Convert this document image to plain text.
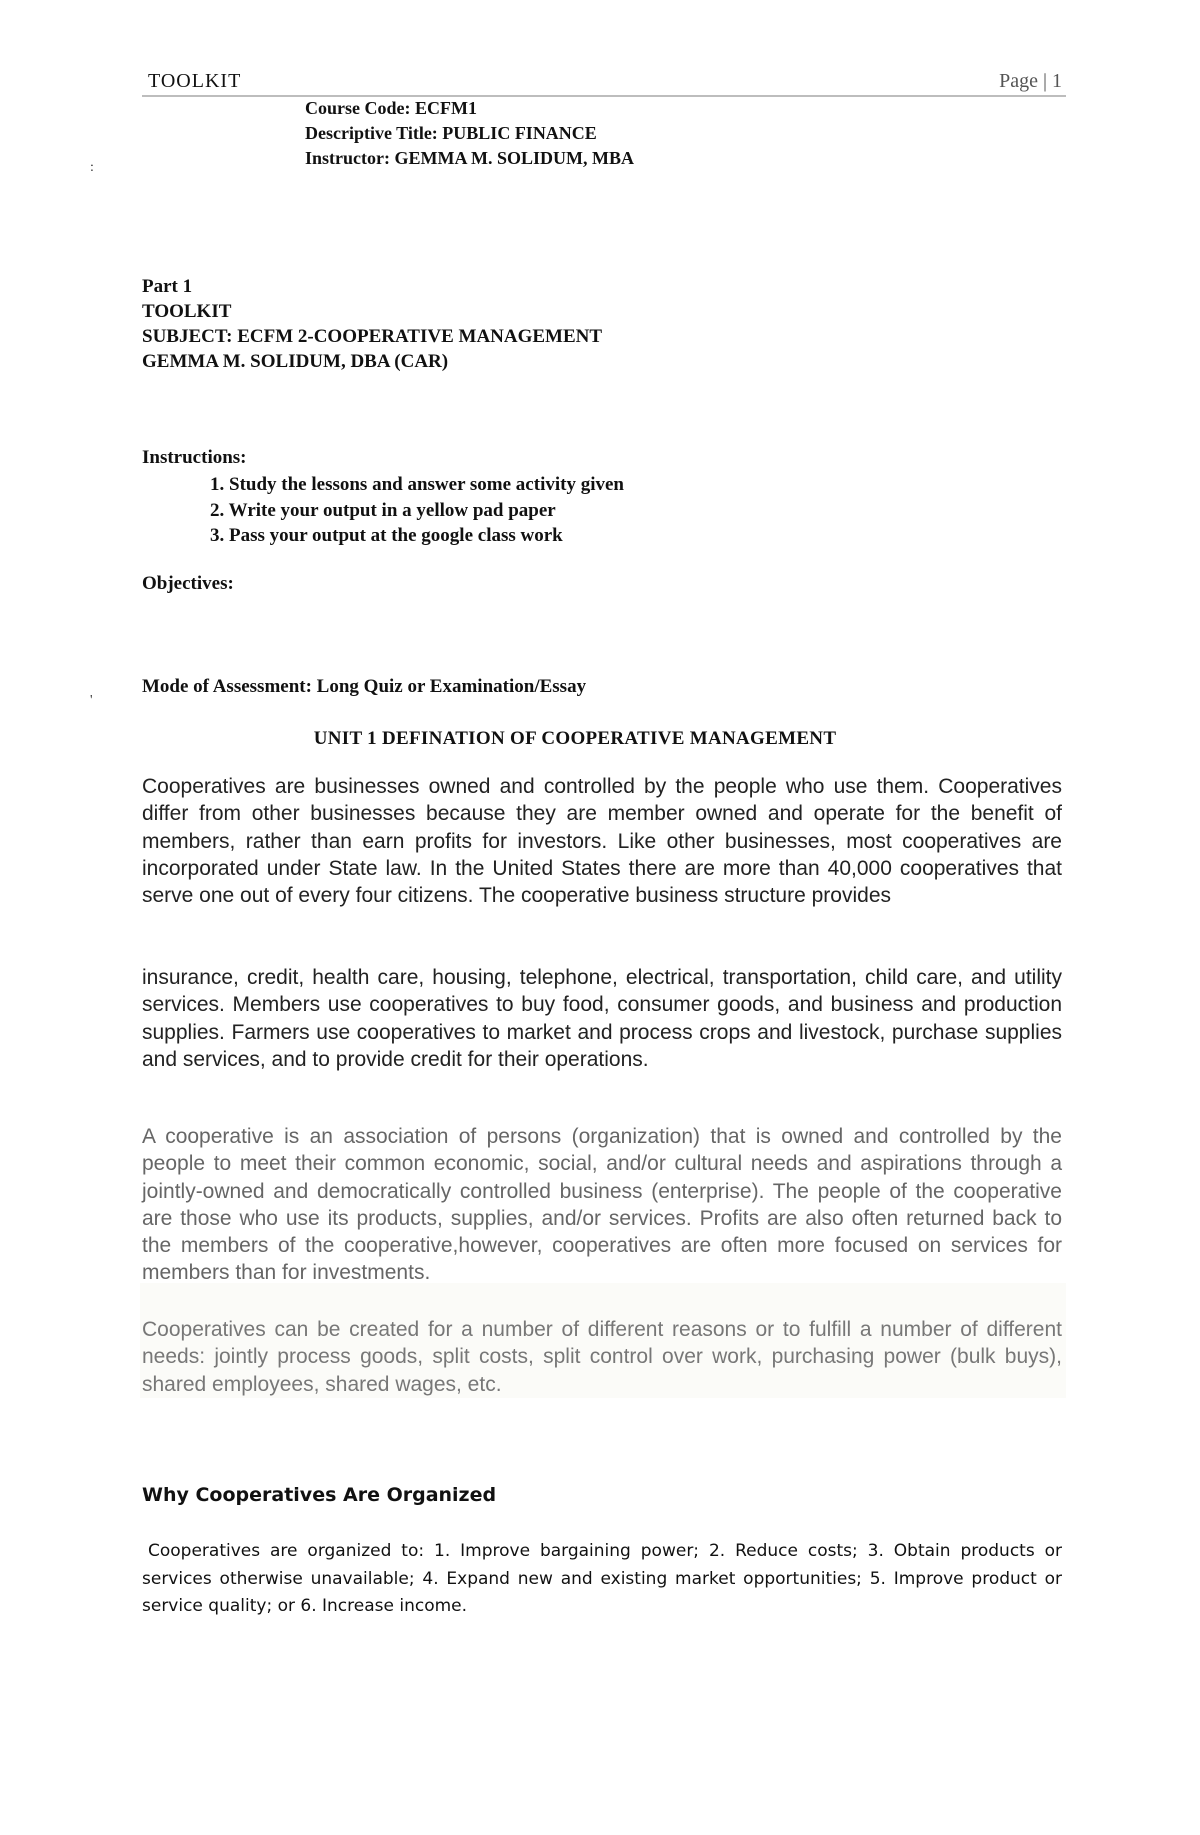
TOOLKIT	Page | 1
Course Code: ECFM1
Descriptive Title: PUBLIC FINANCE
Instructor: GEMMA M. SOLIDUM, MBA
:
'
Part 1
TOOLKIT
SUBJECT: ECFM 2-COOPERATIVE MANAGEMENT
GEMMA M. SOLIDUM, DBA (CAR)
Instructions:
1. Study the lessons and answer some activity given
2. Write your output in a yellow pad paper
3. Pass your output at the google class work
Objectives:
Mode of Assessment: Long Quiz or Examination/Essay
UNIT 1 DEFINATION OF COOPERATIVE MANAGEMENT
Cooperatives are businesses owned and controlled by the people who use them. Cooperatives differ from other businesses because they are member owned and operate for the benefit of members, rather than earn profits for investors. Like other businesses, most cooperatives are incorporated under State law. In the United States there are more than 40,000 cooperatives that serve one out of every four citizens. The cooperative business structure provides
insurance, credit, health care, housing, telephone, electrical, transportation, child care, and utility services. Members use cooperatives to buy food, consumer goods, and business and production supplies. Farmers use cooperatives to market and process crops and livestock, purchase supplies and services, and to provide credit for their operations.
A cooperative is an association of persons (organization) that is owned and controlled by the people to meet their common economic, social, and/or cultural needs and aspirations through a jointly-owned and democratically controlled business (enterprise). The people of the cooperative are those who use its products, supplies, and/or services. Profits are also often returned back to the members of the cooperative,however, cooperatives are often more focused on services for members than for investments.
Cooperatives can be created for a number of different reasons or to fulfill a number of different needs: jointly process goods, split costs, split control over work, purchasing power (bulk buys), shared employees, shared wages, etc.
Why Cooperatives Are Organized
Cooperatives are organized to: 1. Improve bargaining power; 2. Reduce costs; 3. Obtain products or services otherwise unavailable; 4. Expand new and existing market opportunities; 5. Improve product or service quality; or 6. Increase income.
